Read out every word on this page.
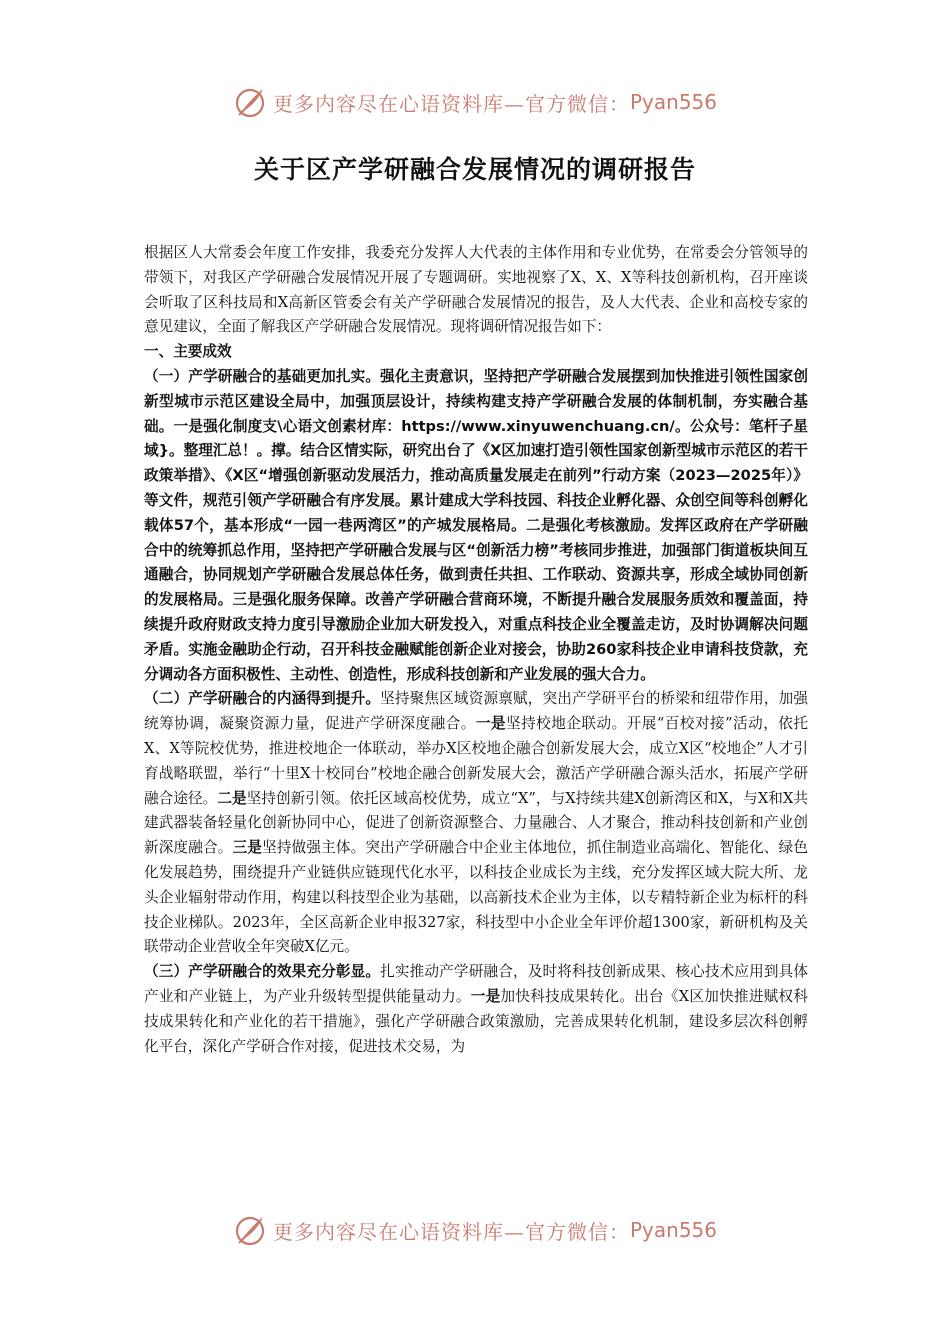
更多内容尽在心语资料库—官方微信： Pyan556
关于区产学研融合发展情况的调研报告

根据区人大常委会年度工作安排，我委充分发挥人大代表的主体作用和专业优势，在常委会分管领导的带领下，对我区产学研融合发展情况开展了专题调研。实地视察了X、X、X等科技创新机构，召开座谈会听取了区科技局和X高新区管委会有关产学研融合发展情况的报告，及人大代表、企业和高校专家的意见建议，全面了解我区产学研融合发展情况。现将调研情况报告如下：

一、主要成效

（一）产学研融合的基础更加扎实。强化主责意识，坚持把产学研融合发展摆到加快推进引领性国家创新型城市示范区建设全局中，加强顶层设计，持续构建支持产学研融合发展的体制机制，夯实融合基础。一是强化制度支\心语文创素材库：https://www.xinyuwenchuang.cn/。公众号：笔杆子星域}。整理汇总！。撑。结合区情实际，研究出台了《X区加速打造引领性国家创新型城市示范区的若干政策举措》、《X区“增强创新驱动发展活力，推动高质量发展走在前列”行动方案（2023—2025年）》等文件，规范引领产学研融合有序发展。累计建成大学科技园、科技企业孵化器、众创空间等科创孵化载体57个，基本形成“一园一巷两湾区”的产城发展格局。二是强化考核激励。发挥区政府在产学研融合中的统筹抓总作用，坚持把产学研融合发展与区“创新活力榜”考核同步推进，加强部门街道板块间互通融合，协同规划产学研融合发展总体任务，做到责任共担、工作联动、资源共享，形成全域协同创新的发展格局。三是强化服务保障。改善产学研融合营商环境，不断提升融合发展服务质效和覆盖面，持续提升政府财政支持力度引导激励企业加大研发投入，对重点科技企业全覆盖走访，及时协调解决问题矛盾。实施金融助企行动，召开科技金融赋能创新企业对接会，协助260家科技企业申请科技贷款，充分调动各方面积极性、主动性、创造性，形成科技创新和产业发展的强大合力。

（二）产学研融合的内涵得到提升。坚持聚焦区域资源禀赋，突出产学研平台的桥梁和纽带作用，加强统筹协调，凝聚资源力量，促进产学研深度融合。一是坚持校地企联动。开展“百校对接”活动，依托X、X等院校优势，推进校地企一体联动，举办X区校地企融合创新发展大会，成立X区“校地企”人才引育战略联盟，举行“十里X十校同台”校地企融合创新发展大会，激活产学研融合源头活水，拓展产学研融合途径。二是坚持创新引领。依托区域高校优势，成立“X”，与X持续共建X创新湾区和X，与X和X共建武器装备轻量化创新协同中心，促进了创新资源整合、力量融合、人才聚合，推动科技创新和产业创新深度融合。三是坚持做强主体。突出产学研融合中企业主体地位，抓住制造业高端化、智能化、绿色化发展趋势，围绕提升产业链供应链现代化水平，以科技企业成长为主线，充分发挥区域大院大所、龙头企业辐射带动作用，构建以科技型企业为基础，以高新技术企业为主体，以专精特新企业为标杆的科技企业梯队。2023年，全区高新企业申报327家，科技型中小企业全年评价超1300家，新研机构及关联带动企业营收全年突破X亿元。

（三）产学研融合的效果充分彰显。扎实推动产学研融合，及时将科技创新成果、核心技术应用到具体产业和产业链上，为产业升级转型提供能量动力。一是加快科技成果转化。出台《X区加快推进赋权科技成果转化和产业化的若干措施》，强化产学研融合政策激励，完善成果转化机制，建设多层次科创孵化平台，深化产学研合作对接，促进技术交易，为

更多内容尽在心语资料库—官方微信： Pyan556
